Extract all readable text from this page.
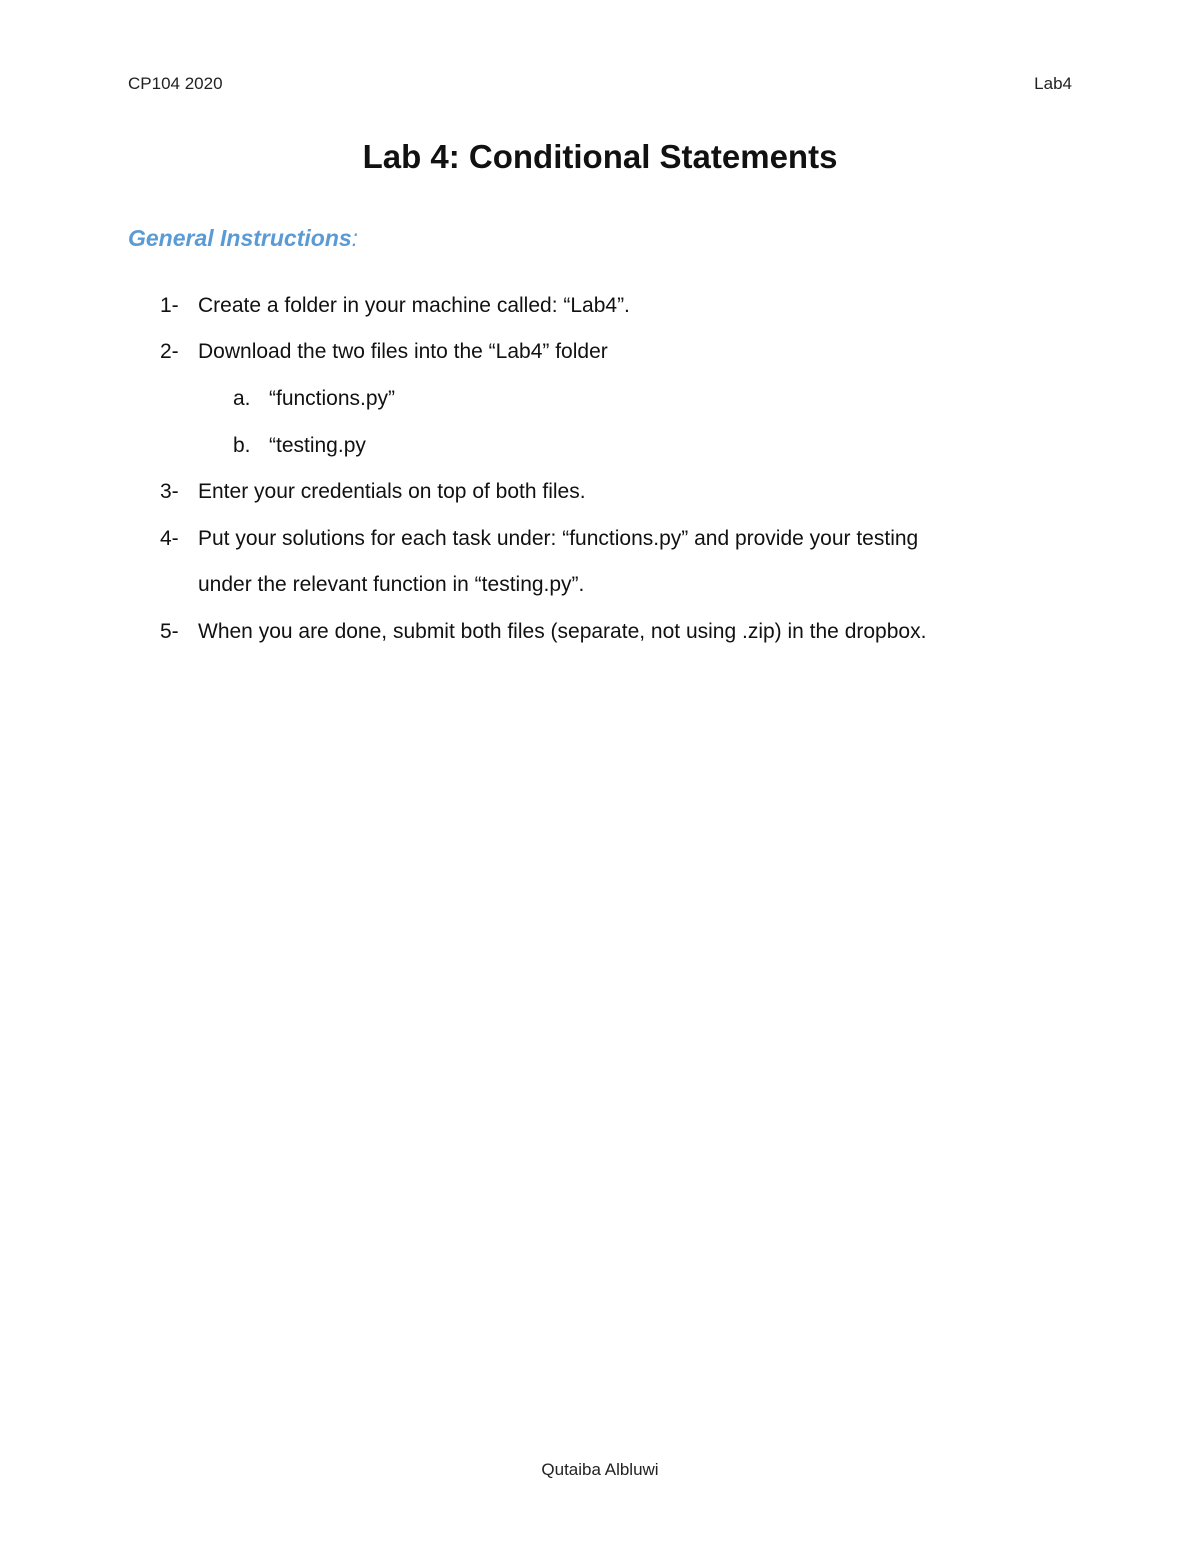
CP104 2020	Lab4
Lab 4: Conditional Statements
General Instructions:
1- Create a folder in your machine called: “Lab4”.
2- Download the two files into the “Lab4” folder
a. “functions.py”
b. “testing.py
3- Enter your credentials on top of both files.
4- Put your solutions for each task under: “functions.py” and provide your testing
under the relevant function in “testing.py”.
5- When you are done, submit both files (separate, not using .zip) in the dropbox.
Qutaiba Albluwi
